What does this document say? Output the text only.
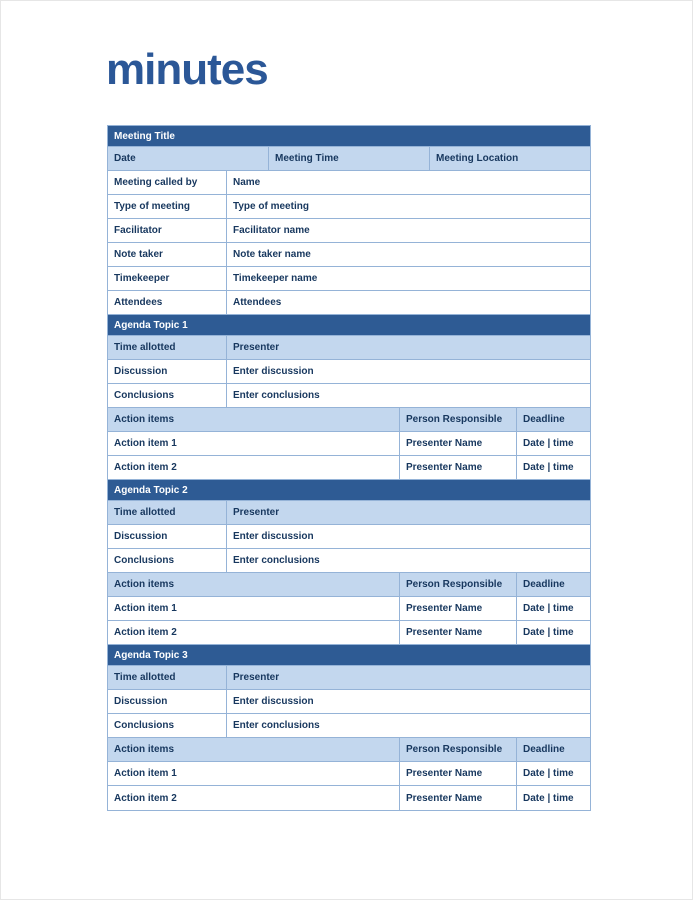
minutes
Meeting Title
Date	Meeting Time	Meeting Location
Meeting called by	Name
Type of meeting	Type of meeting
Facilitator	Facilitator name
Note taker	Note taker name
Timekeeper	Timekeeper name
Attendees	Attendees
Agenda Topic 1
Time allotted	Presenter
Discussion	Enter discussion
Conclusions	Enter conclusions
Action items	Person Responsible	Deadline
Action item 1	Presenter Name	Date | time
Action item 2	Presenter Name	Date | time
Agenda Topic 2
Time allotted	Presenter
Discussion	Enter discussion
Conclusions	Enter conclusions
Action items	Person Responsible	Deadline
Action item 1	Presenter Name	Date | time
Action item 2	Presenter Name	Date | time
Agenda Topic 3
Time allotted	Presenter
Discussion	Enter discussion
Conclusions	Enter conclusions
Action items	Person Responsible	Deadline
Action item 1	Presenter Name	Date | time
Action item 2	Presenter Name	Date | time
